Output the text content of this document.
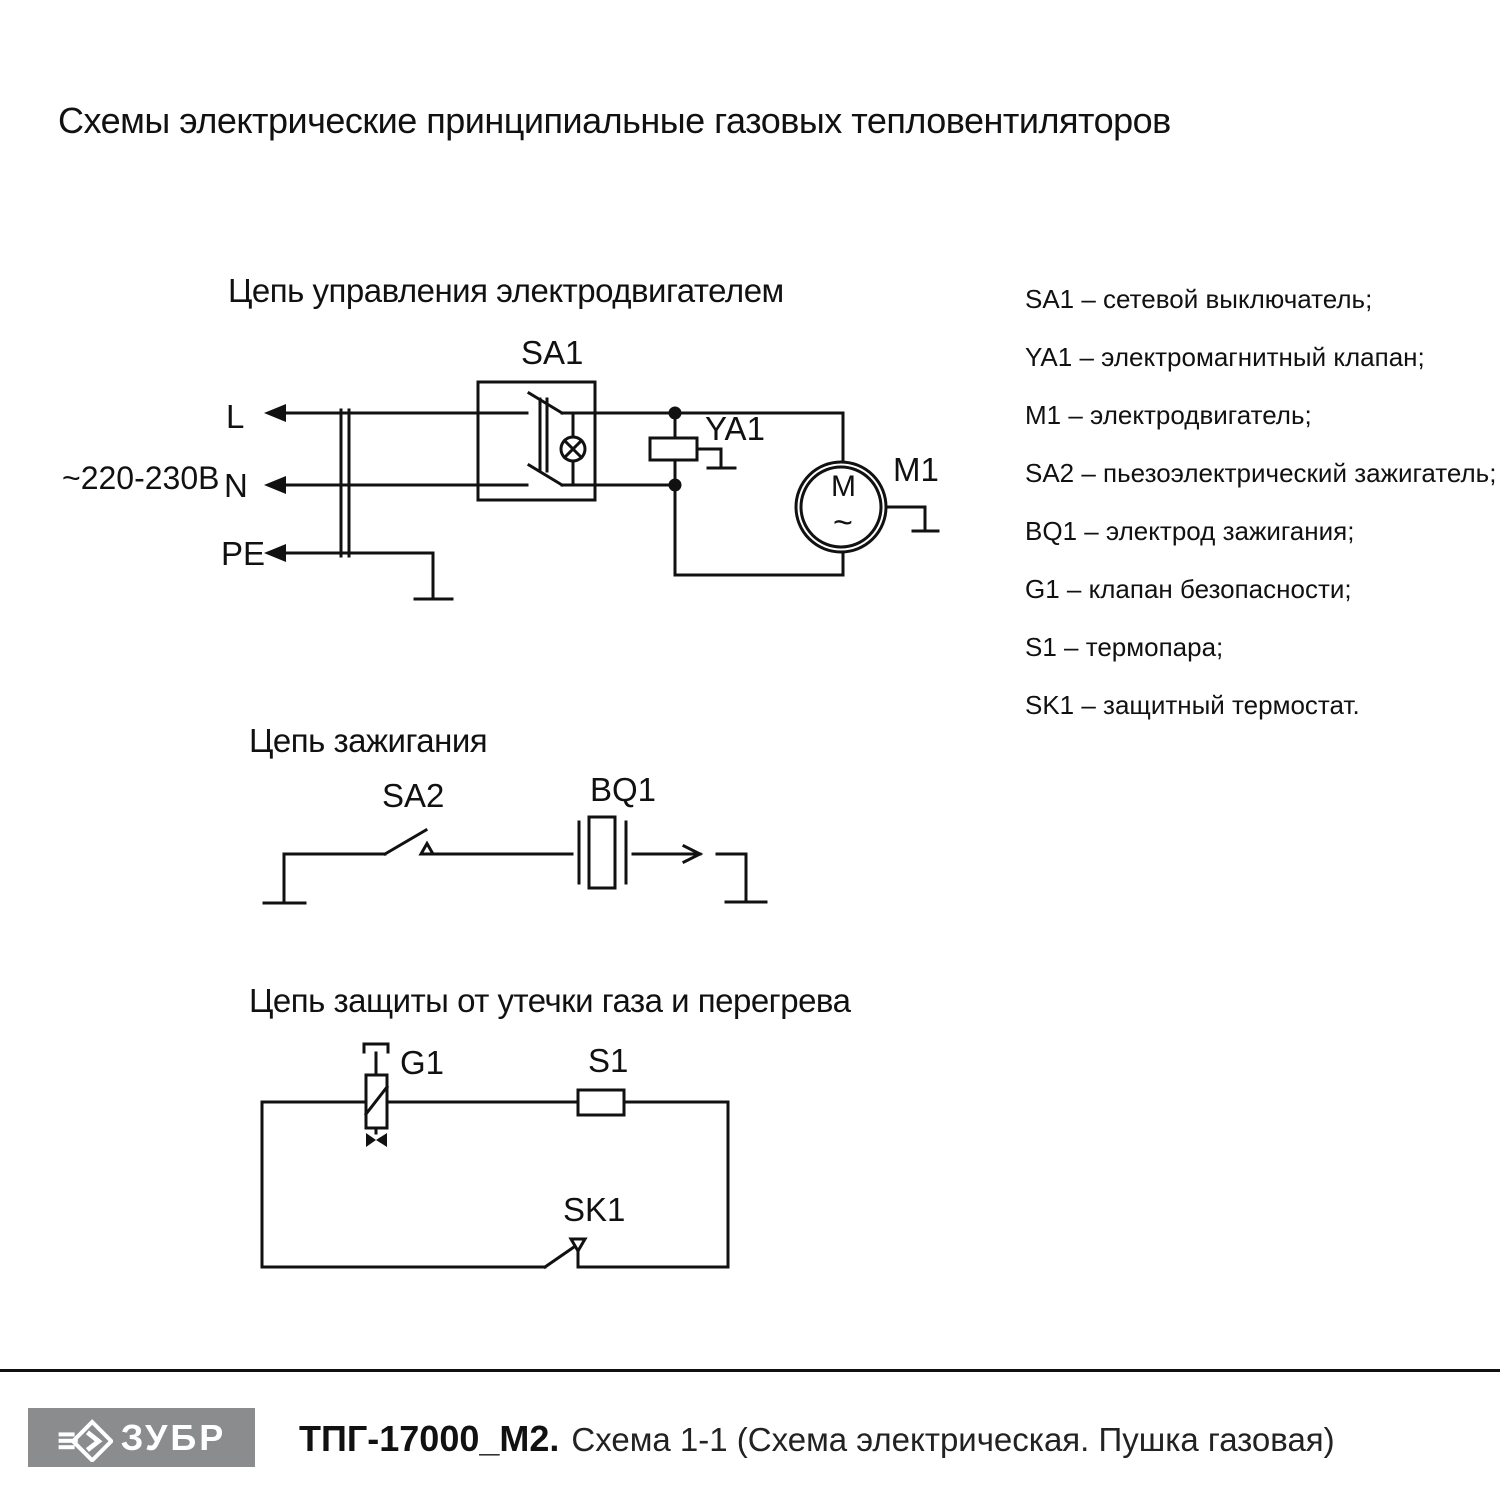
Схемы электрические принципиальные газовых тепловентиляторов
Цепь управления электродвигателем
Цепь зажигания
Цепь защиты от утечки газа и перегрева
~220-230В
L
N
PE
SA1
YA1
M1
M
~
SA2	BQ1
G1	S1
SK1
SA1 – сетевой выключатель;
YA1 – электромагнитный клапан;
M1 – электродвигатель;
SA2 – пьезоэлектрический зажигатель;
BQ1 – электрод зажигания;
G1 – клапан безопасности;
S1 – термопара;
SK1 – защитный термостат.
ЗУБР ТПГ-17000_М2. Схема 1-1 (Схема электрическая. Пушка газовая)
